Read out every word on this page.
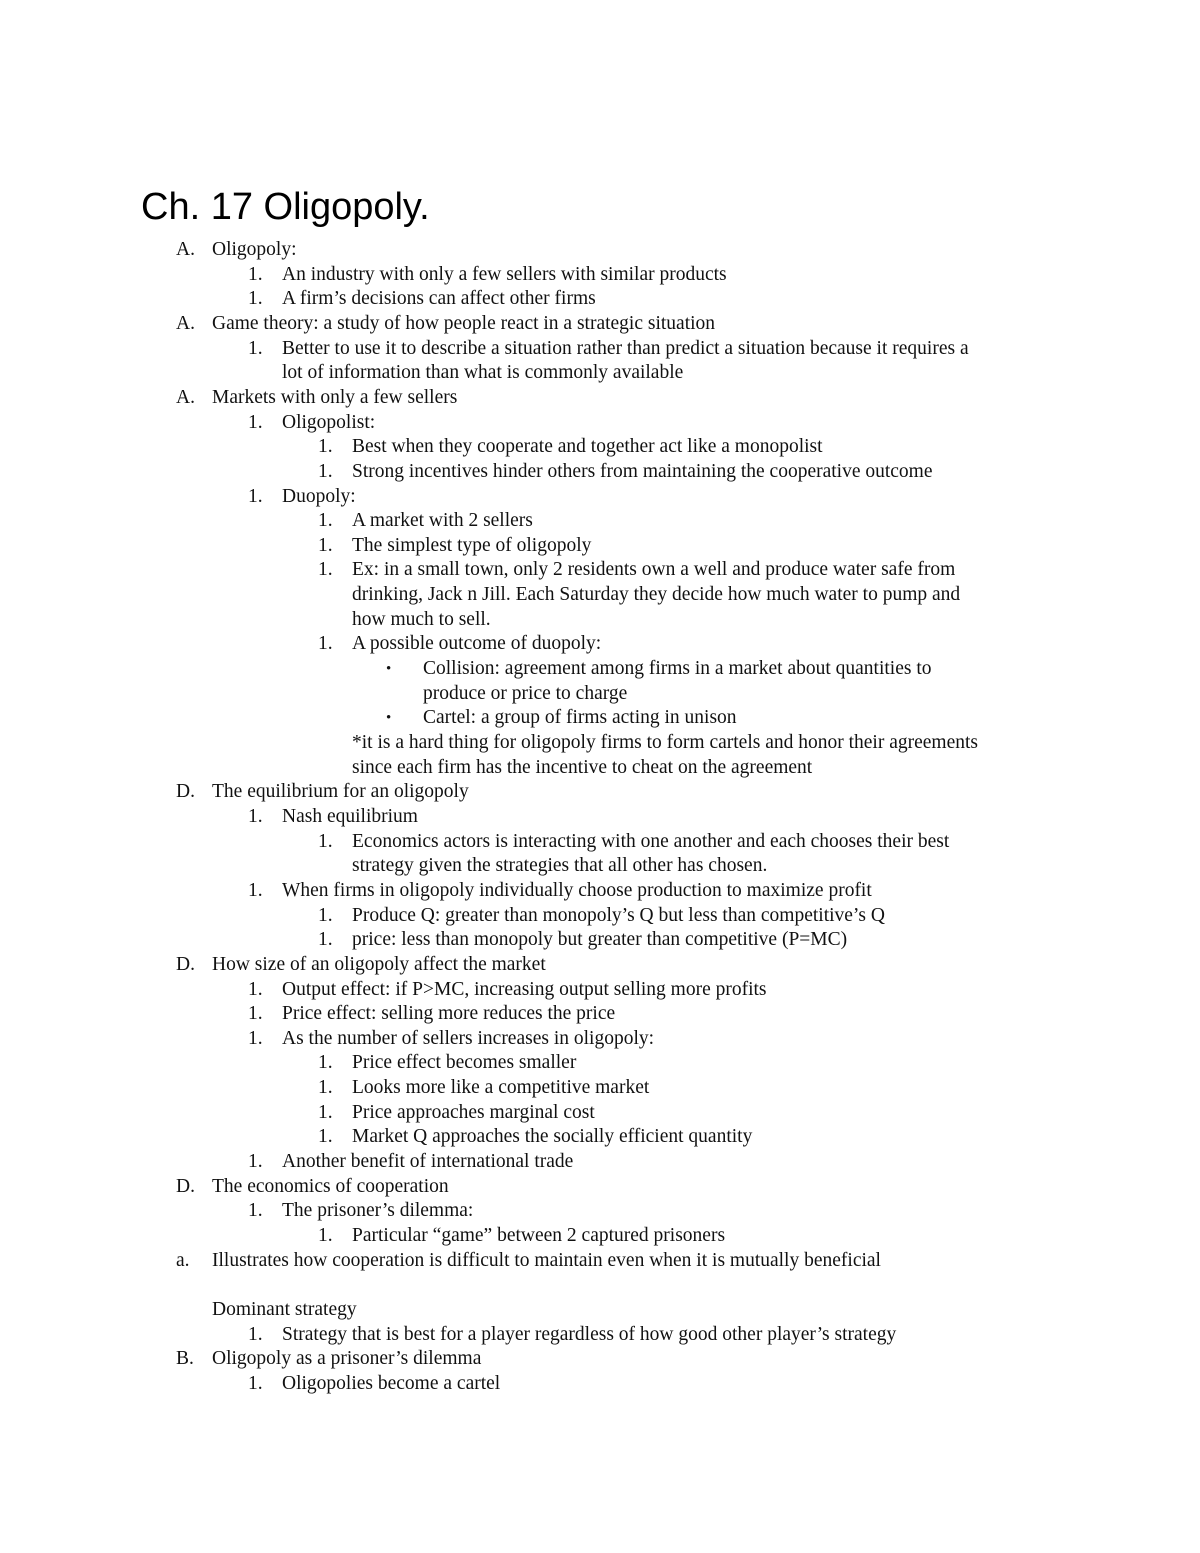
Ch. 17 Oligopoly.
A. Oligopoly:
1. An industry with only a few sellers with similar products
1. A firm’s decisions can affect other firms
A. Game theory: a study of how people react in a strategic situation
1. Better to use it to describe a situation rather than predict a situation because it requires a
lot of information than what is commonly available
A. Markets with only a few sellers
1. Oligopolist:
1. Best when they cooperate and together act like a monopolist
1. Strong incentives hinder others from maintaining the cooperative outcome
1. Duopoly:
1. A market with 2 sellers
1. The simplest type of oligopoly
1. Ex: in a small town, only 2 residents own a well and produce water safe from
drinking, Jack n Jill. Each Saturday they decide how much water to pump and
how much to sell.
1. A possible outcome of duopoly:
• Collision: agreement among firms in a market about quantities to
produce or price to charge
• Cartel: a group of firms acting in unison
*it is a hard thing for oligopoly firms to form cartels and honor their agreements
since each firm has the incentive to cheat on the agreement
D. The equilibrium for an oligopoly
1. Nash equilibrium
1. Economics actors is interacting with one another and each chooses their best
strategy given the strategies that all other has chosen.
1. When firms in oligopoly individually choose production to maximize profit
1. Produce Q: greater than monopoly’s Q but less than competitive’s Q
1. price: less than monopoly but greater than competitive (P=MC)
D. How size of an oligopoly affect the market
1. Output effect: if P>MC, increasing output selling more profits
1. Price effect: selling more reduces the price
1. As the number of sellers increases in oligopoly:
1. Price effect becomes smaller
1. Looks more like a competitive market
1. Price approaches marginal cost
1. Market Q approaches the socially efficient quantity
1. Another benefit of international trade
D. The economics of cooperation
1. The prisoner’s dilemma:
1. Particular “game” between 2 captured prisoners
a. Illustrates how cooperation is difficult to maintain even when it is mutually beneficial
Dominant strategy
1. Strategy that is best for a player regardless of how good other player’s strategy
B. Oligopoly as a prisoner’s dilemma
1. Oligopolies become a cartel
